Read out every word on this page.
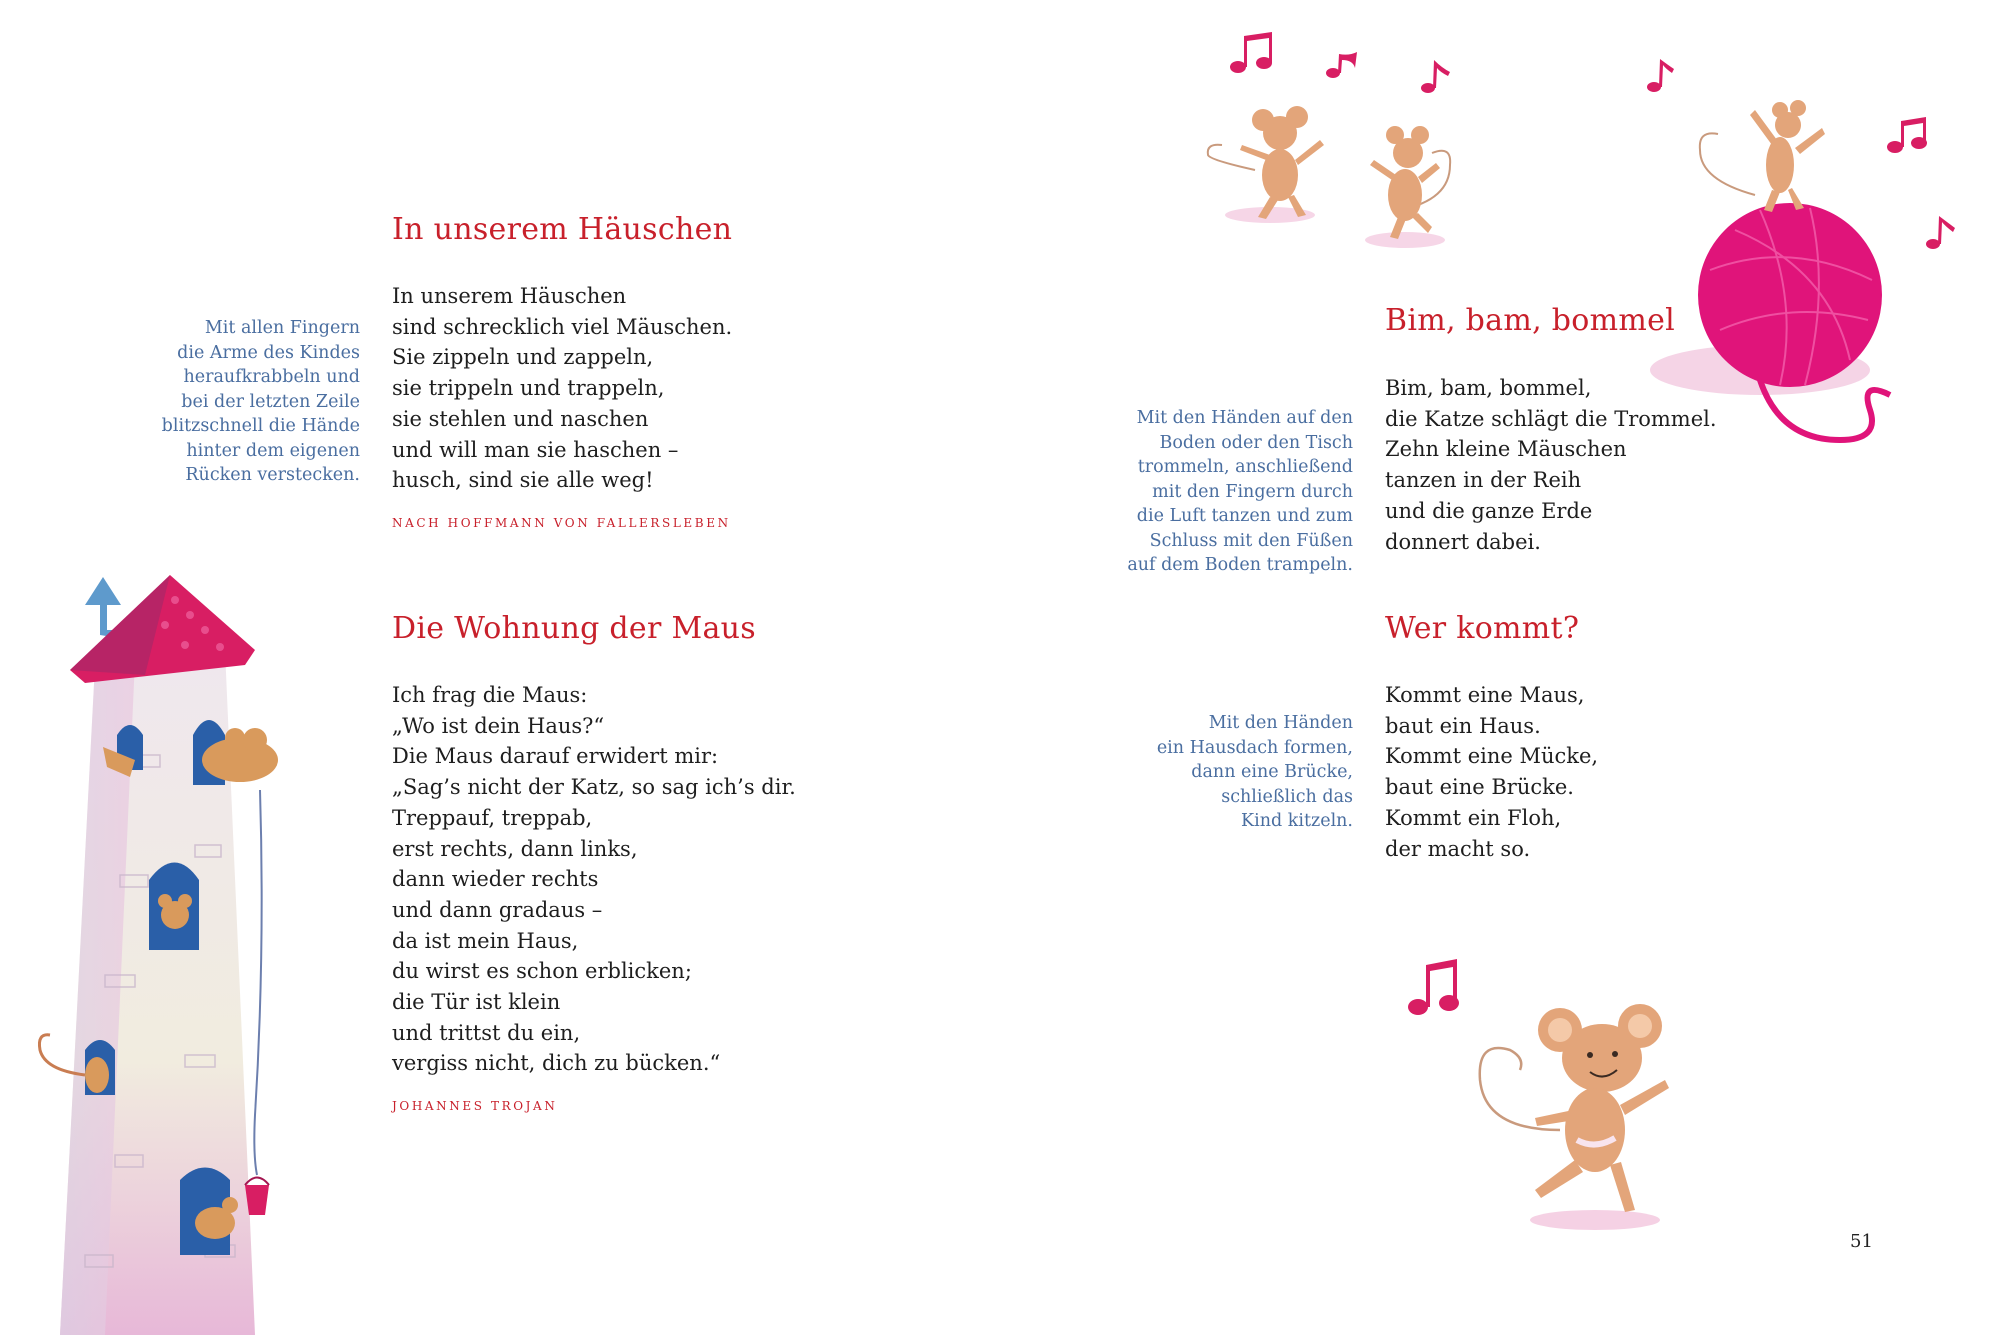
In unserem Häuschen
Mit allen Fingern
die Arme des Kindes
heraufkrabbeln und
bei der letzten Zeile
blitzschnell die Hände
hinter dem eigenen
Rücken verstecken.
In unserem Häuschen
sind schrecklich viel Mäuschen.
Sie zippeln und zappeln,
sie trippeln und trappeln,
sie stehlen und naschen
und will man sie haschen –
husch, sind sie alle weg!
NACH HOFFMANN VON FALLERSLEBEN
Die Wohnung der Maus
Ich frag die Maus:
„Wo ist dein Haus?“
Die Maus darauf erwidert mir:
„Sag’s nicht der Katz, so sag ich’s dir.
Treppauf, treppab,
erst rechts, dann links,
dann wieder rechts
und dann gradaus –
da ist mein Haus,
du wirst es schon erblicken;
die Tür ist klein
und trittst du ein,
vergiss nicht, dich zu bücken.“
JOHANNES TROJAN
Bim, bam, bommel
Mit den Händen auf den
Boden oder den Tisch
trommeln, anschließend
mit den Fingern durch
die Luft tanzen und zum
Schluss mit den Füßen
auf dem Boden trampeln.
Bim, bam, bommel,
die Katze schlägt die Trommel.
Zehn kleine Mäuschen
tanzen in der Reih
und die ganze Erde
donnert dabei.
Wer kommt?
Mit den Händen
ein Hausdach formen,
dann eine Brücke,
schließlich das
Kind kitzeln.
Kommt eine Maus,
baut ein Haus.
Kommt eine Mücke,
baut eine Brücke.
Kommt ein Floh,
der macht so.
51
